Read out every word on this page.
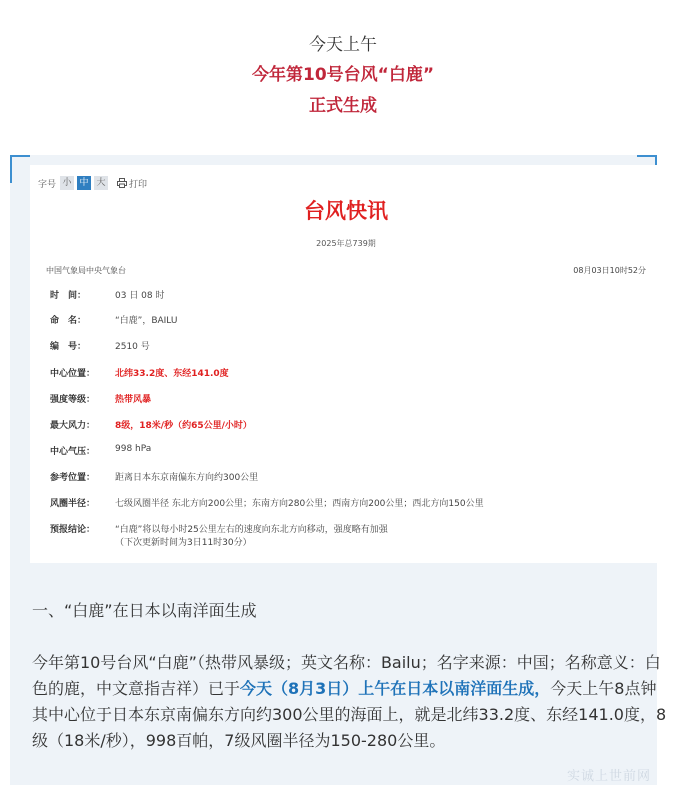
今天上午
今年第10号台风“白鹿”
正式生成
字号 小 中 大	打印
台风快讯
2025年总739期
中国气象局中央气象台	08月03日10时52分
时　间：	03 日 08 时
命　名：	“白鹿”，BAILU
编　号：	2510 号
中心位置：	北纬33.2度、东经141.0度
强度等级：	热带风暴
最大风力：	8级，18米/秒（约65公里/小时）
中心气压：	998 hPa
参考位置：	距离日本东京南偏东方向约300公里
风圈半径：	七级风圈半径 东北方向200公里；东南方向280公里；西南方向200公里；西北方向150公里
预报结论：	“白鹿”将以每小时25公里左右的速度向东北方向移动，强度略有加强
（下次更新时间为3日11时30分）
一、“白鹿”在日本以南洋面生成
今年第10号台风“白鹿”（热带风暴级；英文名称：Bailu；名字来源：中国；名称意义：白色的鹿，中文意指吉祥）已于今天（8月3日）上午在日本以南洋面生成，今天上午8点钟其中心位于日本东京南偏东方向约300公里的海面上，就是北纬33.2度、东经141.0度，8级（18米/秒），998百帕，7级风圈半径为150-280公里。
实诚上世前网
